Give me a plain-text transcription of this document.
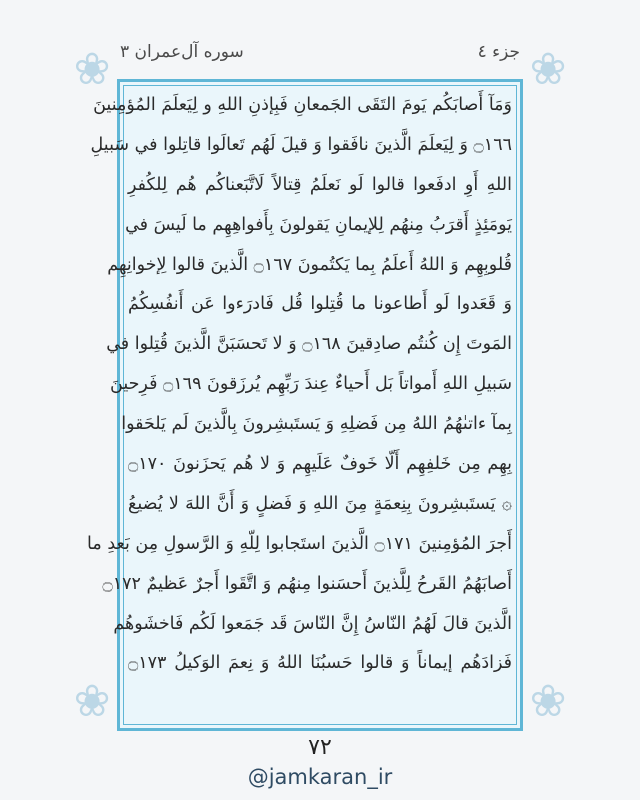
جزء ٤
سوره آل‌عمران ٣
❀	❀
❀	❀
وَمَآ أَصابَكُم يَومَ التَقَى الجَمعانِ فَبِإذنِ اللهِ و لِيَعلَمَ المُؤمِنينَ
۝١٦٦ وَ لِيَعلَمَ الَّذينَ نافَقوا وَ قيلَ لَهُم تَعالَوا قاتِلوا في سَبيلِ
اللهِ أَوِ ادفَعوا قالوا لَو نَعلَمُ قِتالاً لَاتَّبَعناكُم هُم لِلكُفرِ
يَومَئِذٍ أَقرَبُ مِنهُم لِلإيمانِ يَقولونَ بِأَفواهِهِم ما لَيسَ في
قُلوبِهِم وَ اللهُ أَعلَمُ بِما يَكتُمونَ ۝١٦٧ الَّذينَ قالوا لِإخوانِهِم
وَ قَعَدوا لَو أَطاعونا ما قُتِلوا قُل فَادرَءوا عَن أَنفُسِكُمُ
المَوتَ إِن كُنتُم صادِقينَ ۝١٦٨ وَ لا تَحسَبَنَّ الَّذينَ قُتِلوا في
سَبيلِ اللهِ أَمواتاً بَل أَحياءٌ عِندَ رَبِّهِم يُرزَقونَ ۝١٦٩ فَرِحينَ
بِمآ ءاتىٰهُمُ اللهُ مِن فَضلِهِ وَ يَستَبشِرونَ بِالَّذينَ لَم يَلحَقوا
بِهِم مِن خَلفِهِم أَلّا خَوفٌ عَلَيهِم وَ لا هُم يَحزَنونَ ۝١٧٠
۞ يَستَبشِرونَ بِنِعمَةٍ مِنَ اللهِ وَ فَضلٍ وَ أَنَّ اللهَ لا يُضيعُ
أَجرَ المُؤمِنينَ ۝١٧١ الَّذينَ استَجابوا لِلّهِ وَ الرَّسولِ مِن بَعدِ ما
أَصابَهُمُ القَرحُ لِلَّذينَ أَحسَنوا مِنهُم وَ اتَّقَوا أَجرٌ عَظيمٌ ۝١٧٢
الَّذينَ قالَ لَهُمُ النّاسُ إِنَّ النّاسَ قَد جَمَعوا لَكُم فَاخشَوهُم
فَزادَهُم إيماناً وَ قالوا حَسبُنَا اللهُ وَ نِعمَ الوَكيلُ ۝١٧٣
٧٢
@jamkaran_ir
